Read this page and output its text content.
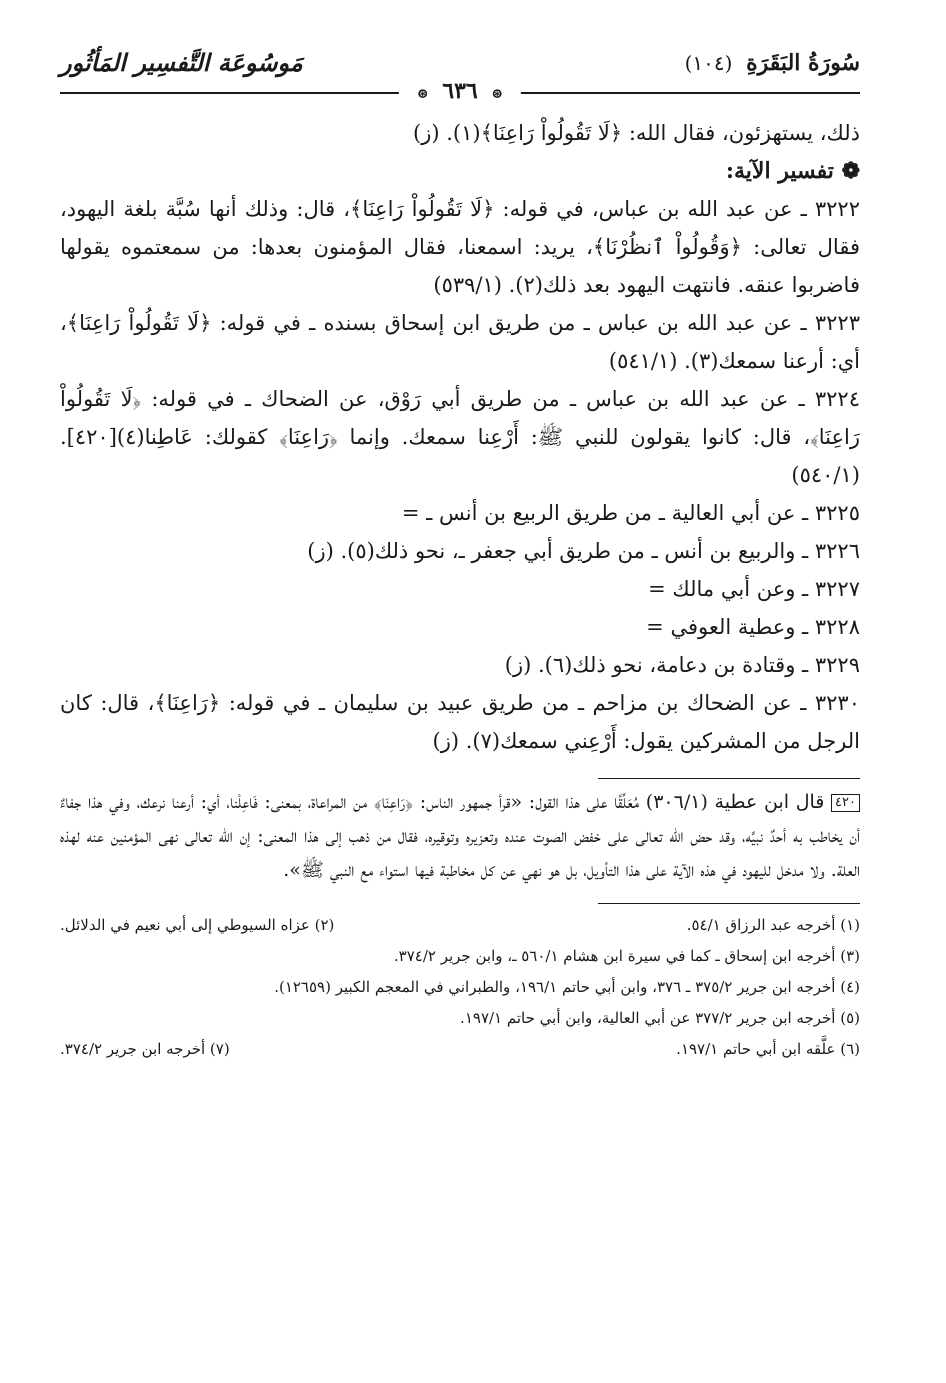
سُورَةُ البَقَرَةِ (١٠٤)
مَوسُوعَة التَّفسِير المَأثُور
⊛ ٦٣٦ ⊛

ذلك، يستهزئون، فقال الله: ﴿لَا تَقُولُواْ رَاعِنَا﴾(١). (ز)

❁ تفسير الآية:

٣٢٢٢ ـ عن عبد الله بن عباس، في قوله: ﴿لَا تَقُولُواْ رَاعِنَا﴾، قال: وذلك أنها سُبَّة بلغة اليهود، فقال تعالى: ﴿وَقُولُواْ ٱنظُرْنَا﴾، يريد: اسمعنا، فقال المؤمنون بعدها: من سمعتموه يقولها فاضربوا عنقه. فانتهت اليهود بعد ذلك(٢). (٥٣٩/١)

٣٢٢٣ ـ عن عبد الله بن عباس ـ من طريق ابن إسحاق بسنده ـ في قوله: ﴿لَا تَقُولُواْ رَاعِنَا﴾، أي: أرعنا سمعك(٣). (٥٤١/١)

٣٢٢٤ ـ عن عبد الله بن عباس ـ من طريق أبي رَوْق، عن الضحاك ـ في قوله: ﴿لَا تَقُولُواْ رَاعِنَا﴾، قال: كانوا يقولون للنبي ﷺ: أَرْعِنا سمعك. وإنما ﴿رَاعِنَا﴾ كقولك: عَاطِنا(٤)[٤٢٠]. (٥٤٠/١)

٣٢٢٥ ـ عن أبي العالية ـ من طريق الربيع بن أنس ـ =

٣٢٢٦ ـ والربيع بن أنس ـ من طريق أبي جعفر ـ، نحو ذلك(٥). (ز)

٣٢٢٧ ـ وعن أبي مالك =

٣٢٢٨ ـ وعطية العوفي =

٣٢٢٩ ـ وقتادة بن دعامة، نحو ذلك(٦). (ز)

٣٢٣٠ ـ عن الضحاك بن مزاحم ـ من طريق عبيد بن سليمان ـ في قوله: ﴿رَاعِنَا﴾، قال: كان الرجل من المشركين يقول: أَرْعِني سمعك(٧). (ز)

٤٢٠ قال ابن عطية (٣٠٦/١) مُعَلِّقًا على هذا القول: «قرأ جمهور الناس: ﴿رَاعِنَا﴾ من المراعاة، بمعنى: فَاعِلْنا، أي: أرعنا نرعك، وفي هذا جفاءٌ أن يخاطب به أحدٌ نبيَّه، وقد حض الله تعالى على خفض الصوت عنده وتعزيره وتوقيره، فقال من ذهب إلى هذا المعنى: إن الله تعالى نهى المؤمنين عنه لهذه العلة. ولا مدخل لليهود في هذه الآية على هذا التأويل، بل هو نهي عن كل مخاطبة فيها استواء مع النبي ﷺ».
(١) أخرجه عبد الرزاق ٥٤/١.
(٢) عزاه السيوطي إلى أبي نعيم في الدلائل.
(٣) أخرجه ابن إسحاق ـ كما في سيرة ابن هشام ٥٦٠/١ ـ، وابن جرير ٣٧٤/٢.
(٤) أخرجه ابن جرير ٣٧٥/٢ ـ ٣٧٦، وابن أبي حاتم ١٩٦/١، والطبراني في المعجم الكبير (١٢٦٥٩).
(٥) أخرجه ابن جرير ٣٧٧/٢ عن أبي العالية، وابن أبي حاتم ١٩٧/١.
(٦) علَّقه ابن أبي حاتم ١٩٧/١.
(٧) أخرجه ابن جرير ٣٧٤/٢.
